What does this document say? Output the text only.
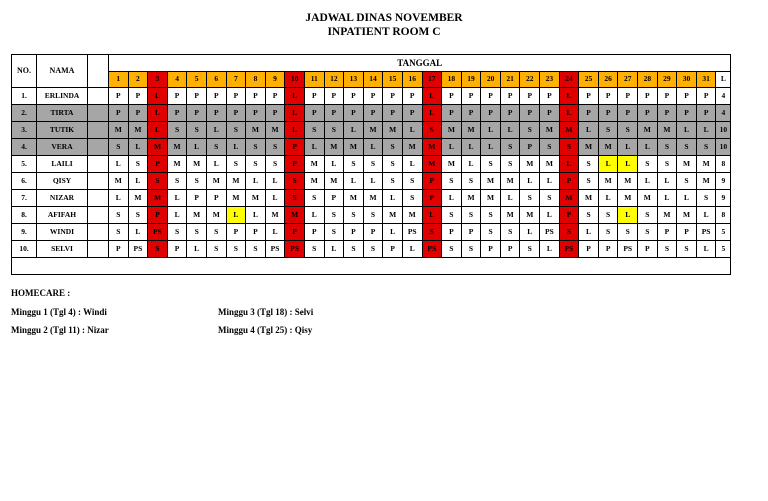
JADWAL DINAS NOVEMBER
INPATIENT ROOM C
NO.	NAMA		TANGGAL																															
			1	2	3	4	5	6	7	8	9	10	11	12	13	14	15	16	17	18	19	20	21	22	23	24	25	26	27	28	29	30	31	L
1.	ERLINDA		P	P	L	P	P	P	P	P	P	L	P	P	P	P	P	P	L	P	P	P	P	P	P	L	P	P	P	P	P	P	P	4
2.	TIRTA		P	P	L	P	P	P	P	P	P	L	P	P	P	P	P	P	L	P	P	P	P	P	P	L	P	P	P	P	P	P	P	4
3.	TUTIK		M	M	L	S	S	L	S	M	M	L	S	S	L	M	M	L	S	M	M	L	L	S	M	M	L	S	S	M	M	L	L	10
4.	VERA		S	L	M	M	L	S	L	S	S	P	L	M	M	L	S	M	M	L	L	L	S	P	S	S	M	M	L	L	S	S	S	10
5.	LAILI		L	S	P	M	M	L	S	S	S	P	M	L	S	S	S	L	M	M	L	S	S	M	M	L	S	L	L	S	S	M	M	8
6.	QISY		M	L	S	S	S	M	M	L	L	S	M	M	L	L	S	S	P	S	S	M	M	L	L	P	S	M	M	L	L	S	M	9
7.	NIZAR		L	M	M	L	P	P	M	M	L	S	S	P	M	M	L	S	P	L	M	M	L	S	S	M	M	L	M	M	L	L	S	9
8.	AFIFAH		S	S	P	L	M	M	L	L	M	M	L	S	S	S	M	M	L	S	S	S	M	M	L	P	S	S	L	S	M	M	L	8
9.	WINDI		S	L	PS	S	S	S	P	P	L	P	P	S	P	P	L	PS	S	P	P	S	S	L	PS	S	L	S	S	S	P	P	PS	5
10.	SELVI		P	PS	S	P	L	S	S	S	PS	PS	S	L	S	S	P	L	PS	S	S	P	P	S	L	PS	P	P	PS	P	S	S	L	5

HOMECARE :
Minggu 1 (Tgl 4) : Windi
Minggu 2 (Tgl 11) : Nizar
Minggu 3 (Tgl 18) : Selvi
Minggu 4 (Tgl 25) : Qisy
